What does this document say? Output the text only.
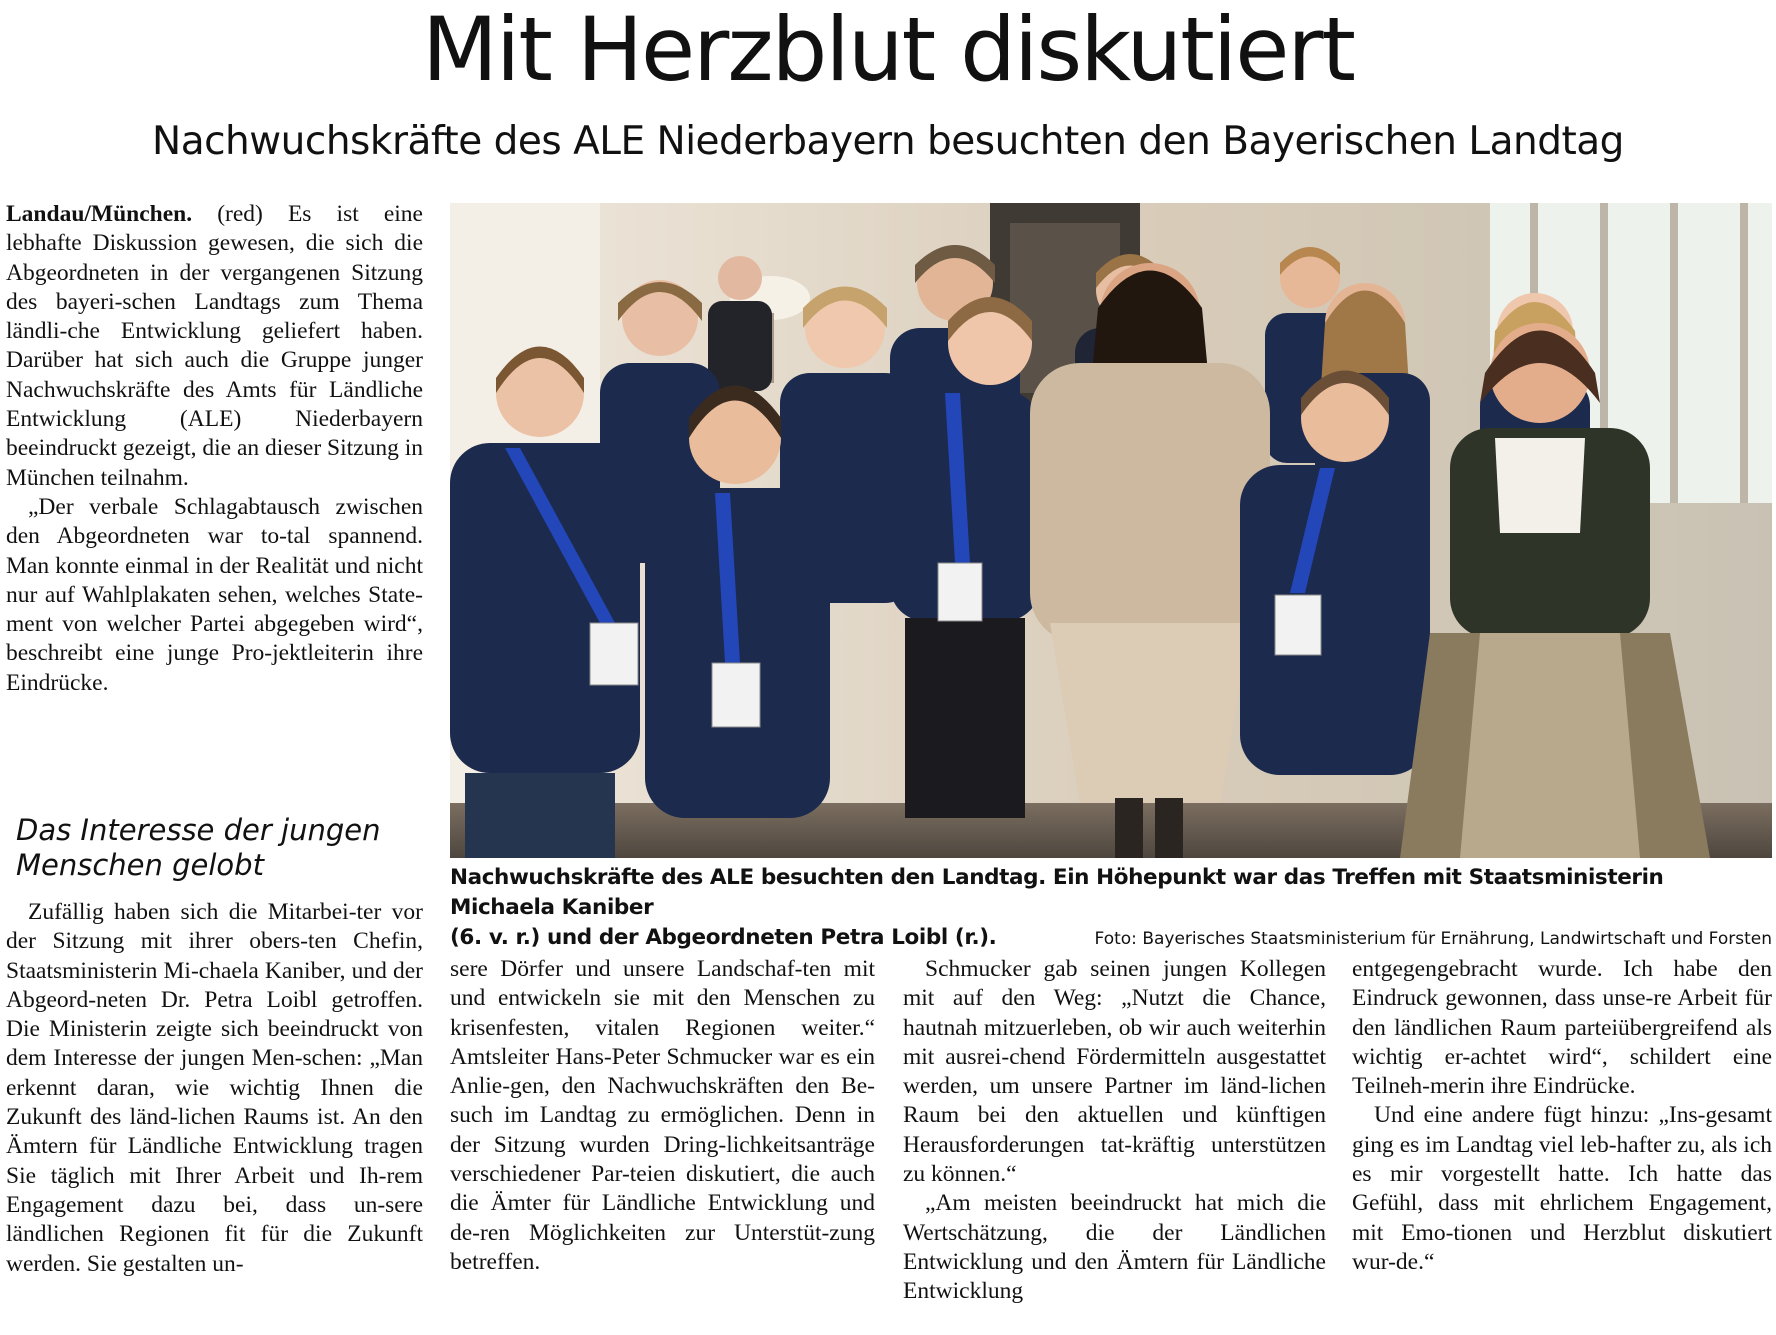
Mit Herzblut diskutiert
Nachwuchskräfte des ALE Niederbayern besuchten den Bayerischen Landtag

Landau/München. (red) Es ist eine lebhafte Diskussion gewesen, die sich die Abgeordneten in der vergangenen Sitzung des bayeri-schen Landtags zum Thema ländli-che Entwicklung geliefert haben. Darüber hat sich auch die Gruppe junger Nachwuchskräfte des Amts für Ländliche Entwicklung (ALE) Niederbayern beeindruckt gezeigt, die an dieser Sitzung in München teilnahm.

„Der verbale Schlagabtausch zwischen den Abgeordneten war to-tal spannend. Man konnte einmal in der Realität und nicht nur auf Wahlplakaten sehen, welches State-ment von welcher Partei abgegeben wird“, beschreibt eine junge Pro-jektleiterin ihre Eindrücke.

Das Interesse der jungen Menschen gelobt

Zufällig haben sich die Mitarbei-ter vor der Sitzung mit ihrer obers-ten Chefin, Staatsministerin Mi-chaela Kaniber, und der Abgeord-neten Dr. Petra Loibl getroffen. Die Ministerin zeigte sich beeindruckt von dem Interesse der jungen Men-schen: „Man erkennt daran, wie wichtig Ihnen die Zukunft des länd-lichen Raums ist. An den Ämtern für Ländliche Entwicklung tragen Sie täglich mit Ihrer Arbeit und Ih-rem Engagement dazu bei, dass un-sere ländlichen Regionen fit für die Zukunft werden. Sie gestalten un-

Nachwuchskräfte des ALE besuchten den Landtag. Ein Höhepunkt war das Treffen mit Staatsministerin Michaela Kaniber
(6. v. r.) und der Abgeordneten Petra Loibl (r.).	Foto: Bayerisches Staatsministerium für Ernährung, Landwirtschaft und Forsten

sere Dörfer und unsere Landschaf-ten mit und entwickeln sie mit den Menschen zu krisenfesten, vitalen Regionen weiter.“ Amtsleiter Hans-Peter Schmucker war es ein Anlie-gen, den Nachwuchskräften den Be-such im Landtag zu ermöglichen. Denn in der Sitzung wurden Dring-lichkeitsanträge verschiedener Par-teien diskutiert, die auch die Ämter für Ländliche Entwicklung und de-ren Möglichkeiten zur Unterstüt-zung betreffen.

Schmucker gab seinen jungen Kollegen mit auf den Weg: „Nutzt die Chance, hautnah mitzuerleben, ob wir auch weiterhin mit ausrei-chend Fördermitteln ausgestattet werden, um unsere Partner im länd-lichen Raum bei den aktuellen und künftigen Herausforderungen tat-kräftig unterstützen zu können.“

„Am meisten beeindruckt hat mich die Wertschätzung, die der Ländlichen Entwicklung und den Ämtern für Ländliche Entwicklung

entgegengebracht wurde. Ich habe den Eindruck gewonnen, dass unse-re Arbeit für den ländlichen Raum parteiübergreifend als wichtig er-achtet wird“, schildert eine Teilneh-merin ihre Eindrücke.

Und eine andere fügt hinzu: „Ins-gesamt ging es im Landtag viel leb-hafter zu, als ich es mir vorgestellt hatte. Ich hatte das Gefühl, dass mit ehrlichem Engagement, mit Emo-tionen und Herzblut diskutiert wur-de.“
